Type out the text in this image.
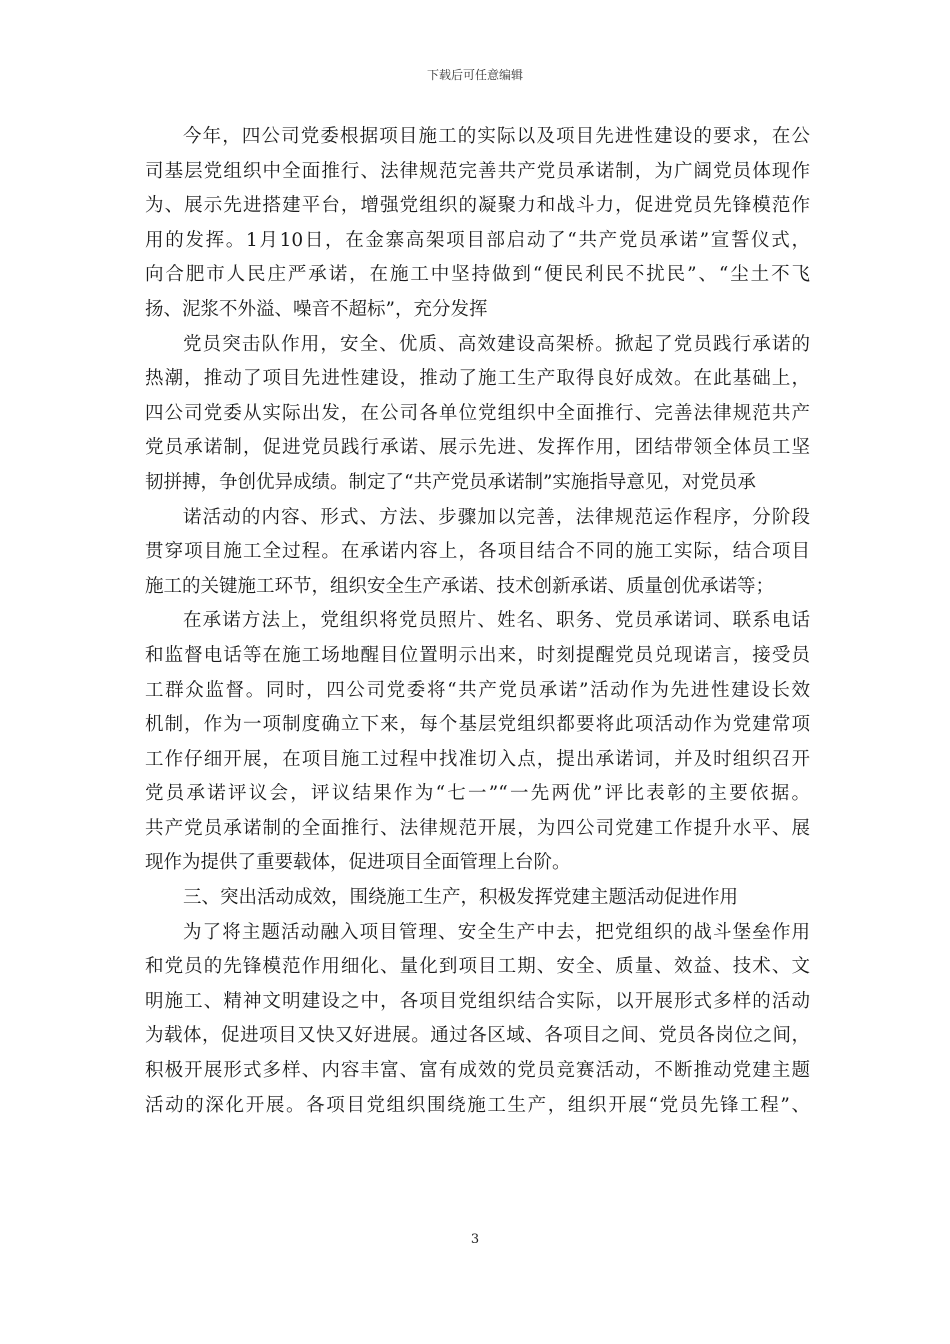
下载后可任意编辑
今年，四公司党委根据项目施工的实际以及项目先进性建设的要求，在公
司基层党组织中全面推行、法律规范完善共产党员承诺制，为广阔党员体现作
为、展示先进搭建平台，增强党组织的凝聚力和战斗力，促进党员先锋模范作
用的发挥。1月10日，在金寨高架项目部启动了“共产党员承诺”宣誓仪式，
向合肥市人民庄严承诺，在施工中坚持做到“便民利民不扰民”、“尘土不飞
扬、泥浆不外溢、噪音不超标”，充分发挥
党员突击队作用，安全、优质、高效建设高架桥。掀起了党员践行承诺的
热潮，推动了项目先进性建设，推动了施工生产取得良好成效。在此基础上，
四公司党委从实际出发，在公司各单位党组织中全面推行、完善法律规范共产
党员承诺制，促进党员践行承诺、展示先进、发挥作用，团结带领全体员工坚
韧拼搏，争创优异成绩。制定了“共产党员承诺制”实施指导意见，对党员承
诺活动的内容、形式、方法、步骤加以完善，法律规范运作程序，分阶段
贯穿项目施工全过程。在承诺内容上，各项目结合不同的施工实际，结合项目
施工的关键施工环节，组织安全生产承诺、技术创新承诺、质量创优承诺等；
在承诺方法上，党组织将党员照片、姓名、职务、党员承诺词、联系电话
和监督电话等在施工场地醒目位置明示出来，时刻提醒党员兑现诺言，接受员
工群众监督。同时，四公司党委将“共产党员承诺”活动作为先进性建设长效
机制，作为一项制度确立下来，每个基层党组织都要将此项活动作为党建常项
工作仔细开展，在项目施工过程中找准切入点，提出承诺词，并及时组织召开
党员承诺评议会，评议结果作为“七一”“一先两优”评比表彰的主要依据。
共产党员承诺制的全面推行、法律规范开展，为四公司党建工作提升水平、展
现作为提供了重要载体，促进项目全面管理上台阶。
三、突出活动成效，围绕施工生产，积极发挥党建主题活动促进作用
为了将主题活动融入项目管理、安全生产中去，把党组织的战斗堡垒作用
和党员的先锋模范作用细化、量化到项目工期、安全、质量、效益、技术、文
明施工、精神文明建设之中，各项目党组织结合实际，以开展形式多样的活动
为载体，促进项目又快又好进展。通过各区域、各项目之间、党员各岗位之间，
积极开展形式多样、内容丰富、富有成效的党员竞赛活动，不断推动党建主题
活动的深化开展。各项目党组织围绕施工生产，组织开展“党员先锋工程”、
3
